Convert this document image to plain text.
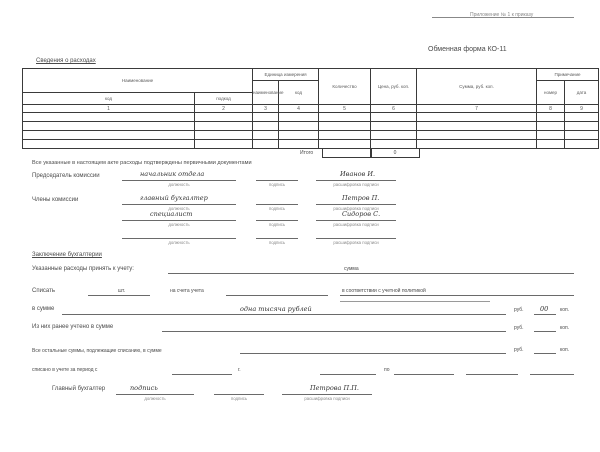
Приложение № 1 к приказу
Обменная форма КО-11
Сведения о расходах
Наименование		Единица измерения		Количество	Цена, руб. коп.	Сумма, руб. коп.	Примечание	
		наименование	код				номер	дата
код	подкод							
1	2	3	4	5	6	7	8	9

Итого	0
Все указанные в настоящем акте расходы подтверждены первичными документами
Председатель комиссии	начальник отдела	Иванов И.
должность	подпись	расшифровка подписи
Члены комиссии	главный бухгалтер	Петров П.
должность	подпись	расшифровка подписи
специалист	Сидоров С.
должность	подпись	расшифровка подписи
должность	подпись	расшифровка подписи
Заключение бухгалтерии
Указанные расходы принять к учету:	сумма
Списать	шт.	на счета учета	в соответствии с учетной политикой
в сумме	одна тысяча рублей	руб.	00 коп.
Из них ранее учтено в сумме	руб.	коп.
Все остальные суммы, подлежащие списанию, в сумме	руб.	коп.
списано в учете за период с	г.	по
Главный бухгалтер	подпись	Петрова П.П.
должность	подпись	расшифровка подписи
